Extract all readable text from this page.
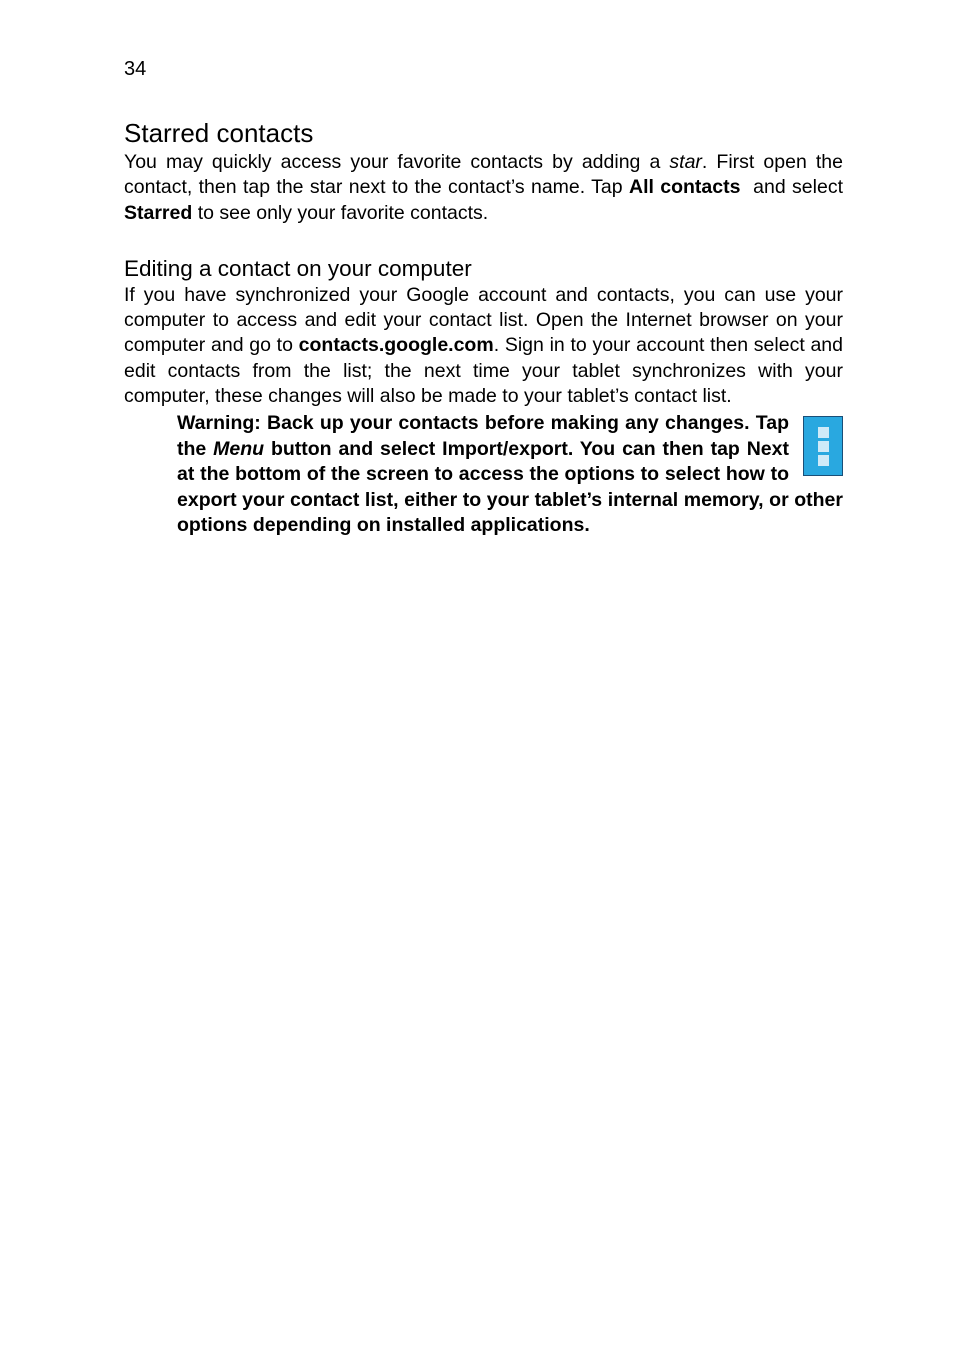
34
Starred contacts

You may quickly access your favorite contacts by adding a star. First open the contact, then tap the star next to the contact’s name. Tap All contacts  and select Starred to see only your favorite contacts.

Editing a contact on your computer

If you have synchronized your Google account and contacts, you can use your computer to access and edit your contact list. Open the Internet browser on your computer and go to contacts.google.com. Sign in to your account then select and edit contacts from the list; the next time your tablet synchronizes with your computer, these changes will also be made to your tablet’s contact list.

Warning: Back up your contacts before making any changes. Tap the Menu button and select Import/export. You can then tap Next at the bottom of the screen to access the options to select how to export your contact list, either to your tablet’s internal memory, or other options depending on installed applications.
